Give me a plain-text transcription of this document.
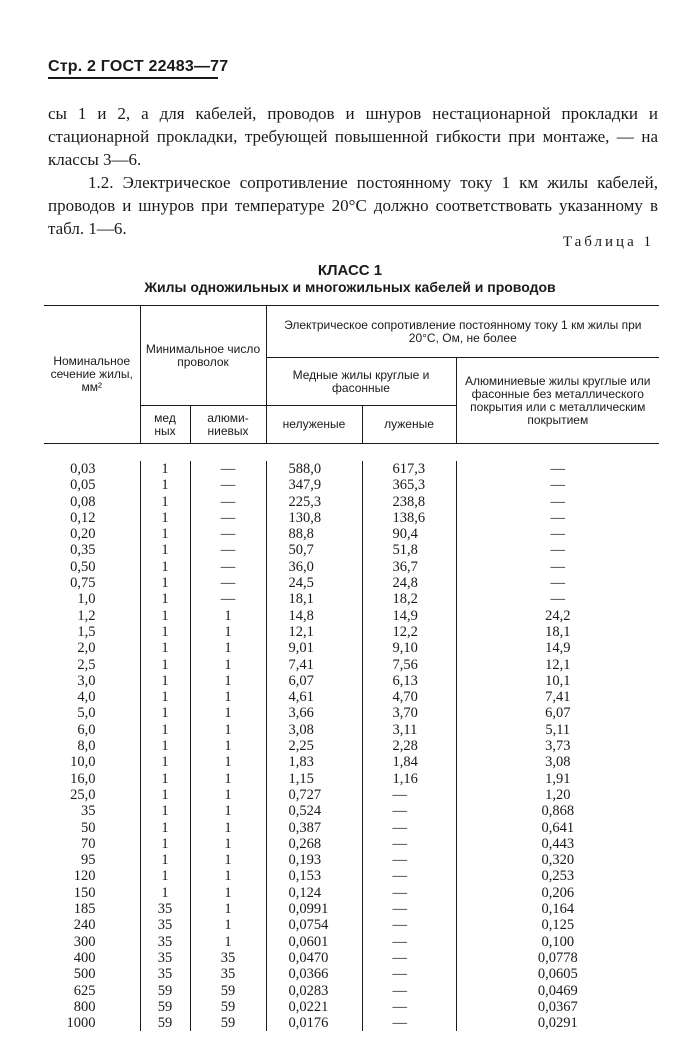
Стр. 2 ГОСТ 22483—77

сы 1 и 2, а для кабелей, проводов и шнуров нестационарной прокладки и стационарной прокладки, требующей повышенной гибкости при монтаже, — на классы 3—6.

1.2. Электрическое сопротивление постоянному току 1 км жилы кабелей, проводов и шнуров при температуре 20°С должно соответствовать указанному в табл. 1—6.

Таблица 1
КЛАСС 1
Жилы одножильных и многожильных кабелей и проводов
Номинальное сечение жилы, мм²	Минимальное число проволок		Электрическое сопротивление постоянному току 1 км жилы при 20°С, Ом, не более		
			Медные жилы круглые и фасонные		Алюминиевые жилы круглые или фасонные без металлического покрытия или с металлическим покрытием
	мед ных	алюми- ниевых	нелуженые	луженые	
0,03	1	—	588,0	617,3	—
0,05	1	—	347,9	365,3	—
0,08	1	—	225,3	238,8	—
0,12	1	—	130,8	138,6	—
0,20	1	—	88,8	90,4	—
0,35	1	—	50,7	51,8	—
0,50	1	—	36,0	36,7	—
0,75	1	—	24,5	24,8	—
1,0	1	—	18,1	18,2	—
1,2	1	1	14,8	14,9	24,2
1,5	1	1	12,1	12,2	18,1
2,0	1	1	9,01	9,10	14,9
2,5	1	1	7,41	7,56	12,1
3,0	1	1	6,07	6,13	10,1
4,0	1	1	4,61	4,70	7,41
5,0	1	1	3,66	3,70	6,07
6,0	1	1	3,08	3,11	5,11
8,0	1	1	2,25	2,28	3,73
10,0	1	1	1,83	1,84	3,08
16,0	1	1	1,15	1,16	1,91
25,0	1	1	0,727	—	1,20
35	1	1	0,524	—	0,868
50	1	1	0,387	—	0,641
70	1	1	0,268	—	0,443
95	1	1	0,193	—	0,320
120	1	1	0,153	—	0,253
150	1	1	0,124	—	0,206
185	35	1	0,0991	—	0,164
240	35	1	0,0754	—	0,125
300	35	1	0,0601	—	0,100
400	35	35	0,0470	—	0,0778
500	35	35	0,0366	—	0,0605
625	59	59	0,0283	—	0,0469
800	59	59	0,0221	—	0,0367
1000	59	59	0,0176	—	0,0291
